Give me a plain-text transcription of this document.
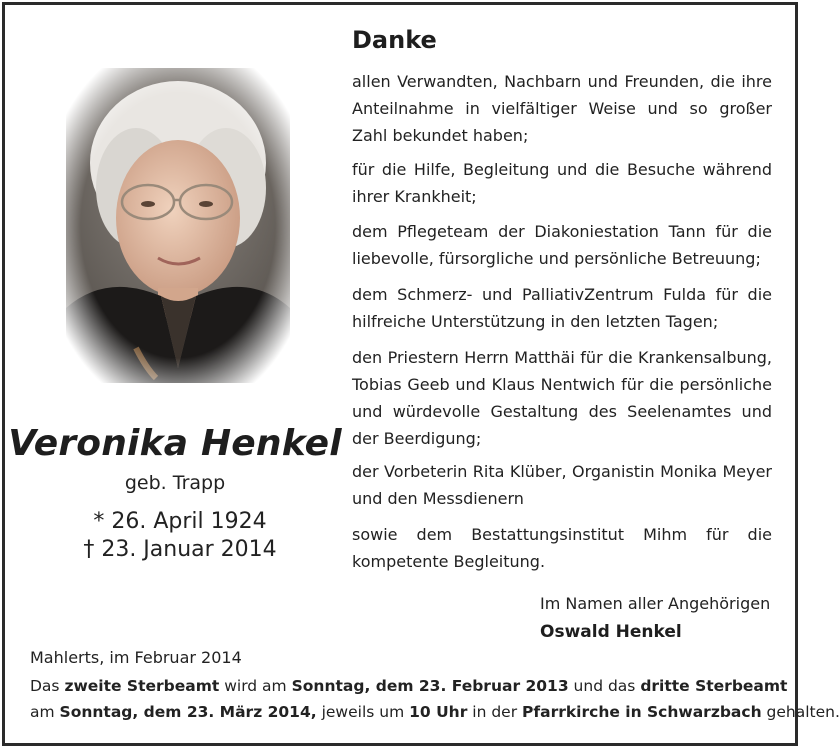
Veronika Henkel
geb. Trapp
* 26. April 1924
† 23. Januar 2014
Danke

allen Verwandten, Nachbarn und Freunden, die ihre Anteilnahme in vielfältiger Weise und so großer Zahl bekundet haben;

für die Hilfe, Begleitung und die Besuche während ihrer Krankheit;

dem Pflegeteam der Diakoniestation Tann für die liebevolle, fürsorgliche und persönliche Betreuung;

dem Schmerz- und PalliativZentrum Fulda für die hilfreiche Unterstützung in den letzten Tagen;

den Priestern Herrn Matthäi für die Krankensalbung, Tobias Geeb und Klaus Nentwich für die persönliche und würdevolle Gestaltung des Seelenamtes und der Beerdigung;

der Vorbeterin Rita Klüber, Organistin Monika Meyer und den Messdienern

sowie dem Bestattungsinstitut Mihm für die kompetente Begleitung.

Im Namen aller Angehörigen
Oswald Henkel
Mahlerts, im Februar 2014
Das zweite Sterbeamt wird am Sonntag, dem 23. Februar 2013 und das dritte Sterbeamt
am Sonntag, dem 23. März 2014, jeweils um 10 Uhr in der Pfarrkirche in Schwarzbach gehalten.
